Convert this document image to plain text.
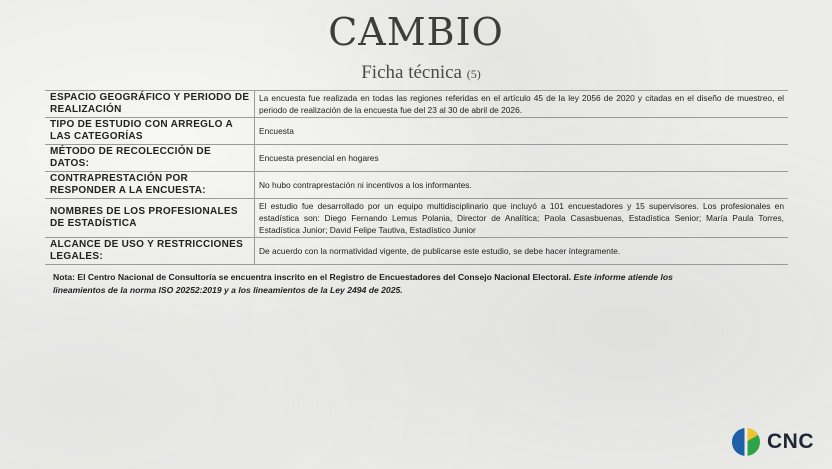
CAMBIO
Ficha técnica (5)
ESPACIO GEOGRÁFICO Y PERIODO DE REALIZACIÓN	La encuesta fue realizada en todas las regiones referidas en el artículo 45 de la ley 2056 de 2020 y citadas en el diseño de muestreo, el periodo de realización de la encuesta fue del 23 al 30 de abril de 2026.
TIPO DE ESTUDIO CON ARREGLO A LAS CATEGORÍAS	Encuesta
MÉTODO DE RECOLECCIÓN DE DATOS:	Encuesta presencial en hogares
CONTRAPRESTACIÓN POR RESPONDER A LA ENCUESTA:	No hubo contraprestación ni incentivos a los informantes.
NOMBRES DE LOS PROFESIONALES DE ESTADÍSTICA	El estudio fue desarrollado por un equipo multidisciplinario que incluyó a 101 encuestadores y 15 supervisores. Los profesionales en estadística son: Diego Fernando Lemus Polania, Director de Analítica; Paola Casasbuenas, Estadística Senior; María Paula Torres, Estadística Junior; David Felipe Tautiva, Estadístico Junior
ALCANCE DE USO Y RESTRICCIONES LEGALES:	De acuerdo con la normatividad vigente, de publicarse este estudio, se debe hacer íntegramente.
Nota: El Centro Nacional de Consultoría se encuentra inscrito en el Registro de Encuestadores del Consejo Nacional Electoral. Este informe atiende los lineamientos de la norma ISO 20252:2019 y a los lineamientos de la Ley 2494 de 2025.
CNC
